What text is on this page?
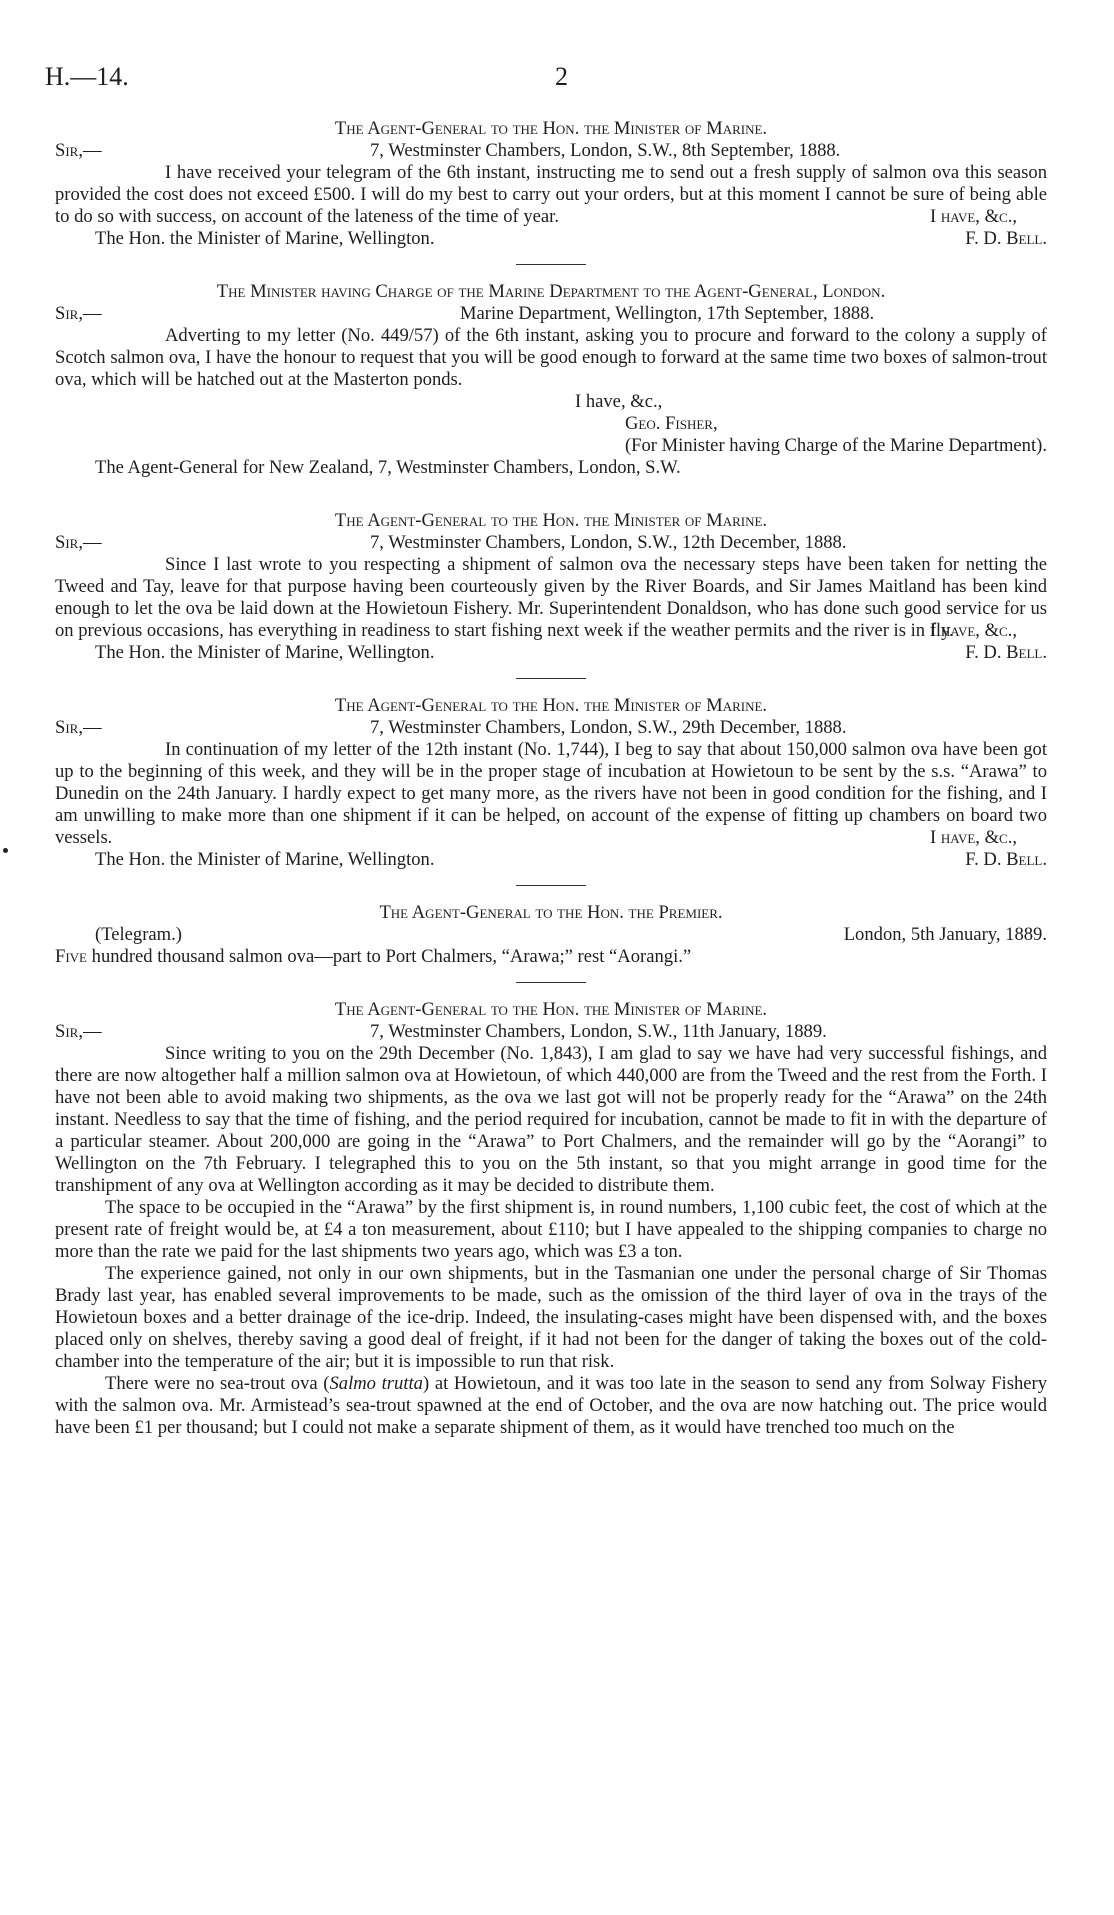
H.—14.	2
The Agent-General to the Hon. the Minister of Marine.
Sir,—	7, Westminster Chambers, London, S.W., 8th September, 1888.

I have received your telegram of the 6th instant, instructing me to send out a fresh supply of salmon ova this season provided the cost does not exceed £500. I will do my best to carry out your orders, but at this moment I cannot be sure of being able to do so with success, on account of the lateness of the time of year.

The Hon. the Minister of Marine, Wellington.
I have, &c.,
F. D. Bell.
The Minister having Charge of the Marine Department to the Agent-General, London.
Sir,—	Marine Department, Wellington, 17th September, 1888.

Adverting to my letter (No. 449/57) of the 6th instant, asking you to procure and forward to the colony a supply of Scotch salmon ova, I have the honour to request that you will be good enough to forward at the same time two boxes of salmon-trout ova, which will be hatched out at the Masterton ponds.

I have, &c.,
Geo. Fisher,
(For Minister having Charge of the Marine Department).
The Agent-General for New Zealand, 7, Westminster Chambers, London, S.W.
The Agent-General to the Hon. the Minister of Marine.
Sir,—	7, Westminster Chambers, London, S.W., 12th December, 1888.

Since I last wrote to you respecting a shipment of salmon ova the necessary steps have been taken for netting the Tweed and Tay, leave for that purpose having been courteously given by the River Boards, and Sir James Maitland has been kind enough to let the ova be laid down at the Howietoun Fishery. Mr. Superintendent Donaldson, who has done such good service for us on previous occasions, has everything in readiness to start fishing next week if the weather permits and the river is in fly.

The Hon. the Minister of Marine, Wellington.
I have, &c.,
F. D. Bell.
The Agent-General to the Hon. the Minister of Marine.
Sir,—	7, Westminster Chambers, London, S.W., 29th December, 1888.

In continuation of my letter of the 12th instant (No. 1,744), I beg to say that about 150,000 salmon ova have been got up to the beginning of this week, and they will be in the proper stage of incubation at Howietoun to be sent by the s.s. “Arawa” to Dunedin on the 24th January. I hardly expect to get many more, as the rivers have not been in good condition for the fishing, and I am unwilling to make more than one shipment if it can be helped, on account of the expense of fitting up chambers on board two vessels.

The Hon. the Minister of Marine, Wellington.
I have, &c.,
F. D. Bell.
The Agent-General to the Hon. the Premier.
(Telegram.)	London, 5th January, 1889.

Five hundred thousand salmon ova—part to Port Chalmers, “Arawa;” rest “Aorangi.”

The Agent-General to the Hon. the Minister of Marine.
Sir,—	7, Westminster Chambers, London, S.W., 11th January, 1889.

Since writing to you on the 29th December (No. 1,843), I am glad to say we have had very successful fishings, and there are now altogether half a million salmon ova at Howietoun, of which 440,000 are from the Tweed and the rest from the Forth. I have not been able to avoid making two shipments, as the ova we last got will not be properly ready for the “Arawa” on the 24th instant. Needless to say that the time of fishing, and the period required for incubation, cannot be made to fit in with the departure of a particular steamer. About 200,000 are going in the “Arawa” to Port Chalmers, and the remainder will go by the “Aorangi” to Wellington on the 7th February. I telegraphed this to you on the 5th instant, so that you might arrange in good time for the transhipment of any ova at Wellington according as it may be decided to distribute them.

The space to be occupied in the “Arawa” by the first shipment is, in round numbers, 1,100 cubic feet, the cost of which at the present rate of freight would be, at £4 a ton measurement, about £110; but I have appealed to the shipping companies to charge no more than the rate we paid for the last shipments two years ago, which was £3 a ton.

The experience gained, not only in our own shipments, but in the Tasmanian one under the personal charge of Sir Thomas Brady last year, has enabled several improvements to be made, such as the omission of the third layer of ova in the trays of the Howietoun boxes and a better drainage of the ice-drip. Indeed, the insulating-cases might have been dispensed with, and the boxes placed only on shelves, thereby saving a good deal of freight, if it had not been for the danger of taking the boxes out of the cold-chamber into the temperature of the air; but it is impossible to run that risk.

There were no sea-trout ova (Salmo trutta) at Howietoun, and it was too late in the season to send any from Solway Fishery with the salmon ova. Mr. Armistead’s sea-trout spawned at the end of October, and the ova are now hatching out. The price would have been £1 per thousand; but I could not make a separate shipment of them, as it would have trenched too much on the
